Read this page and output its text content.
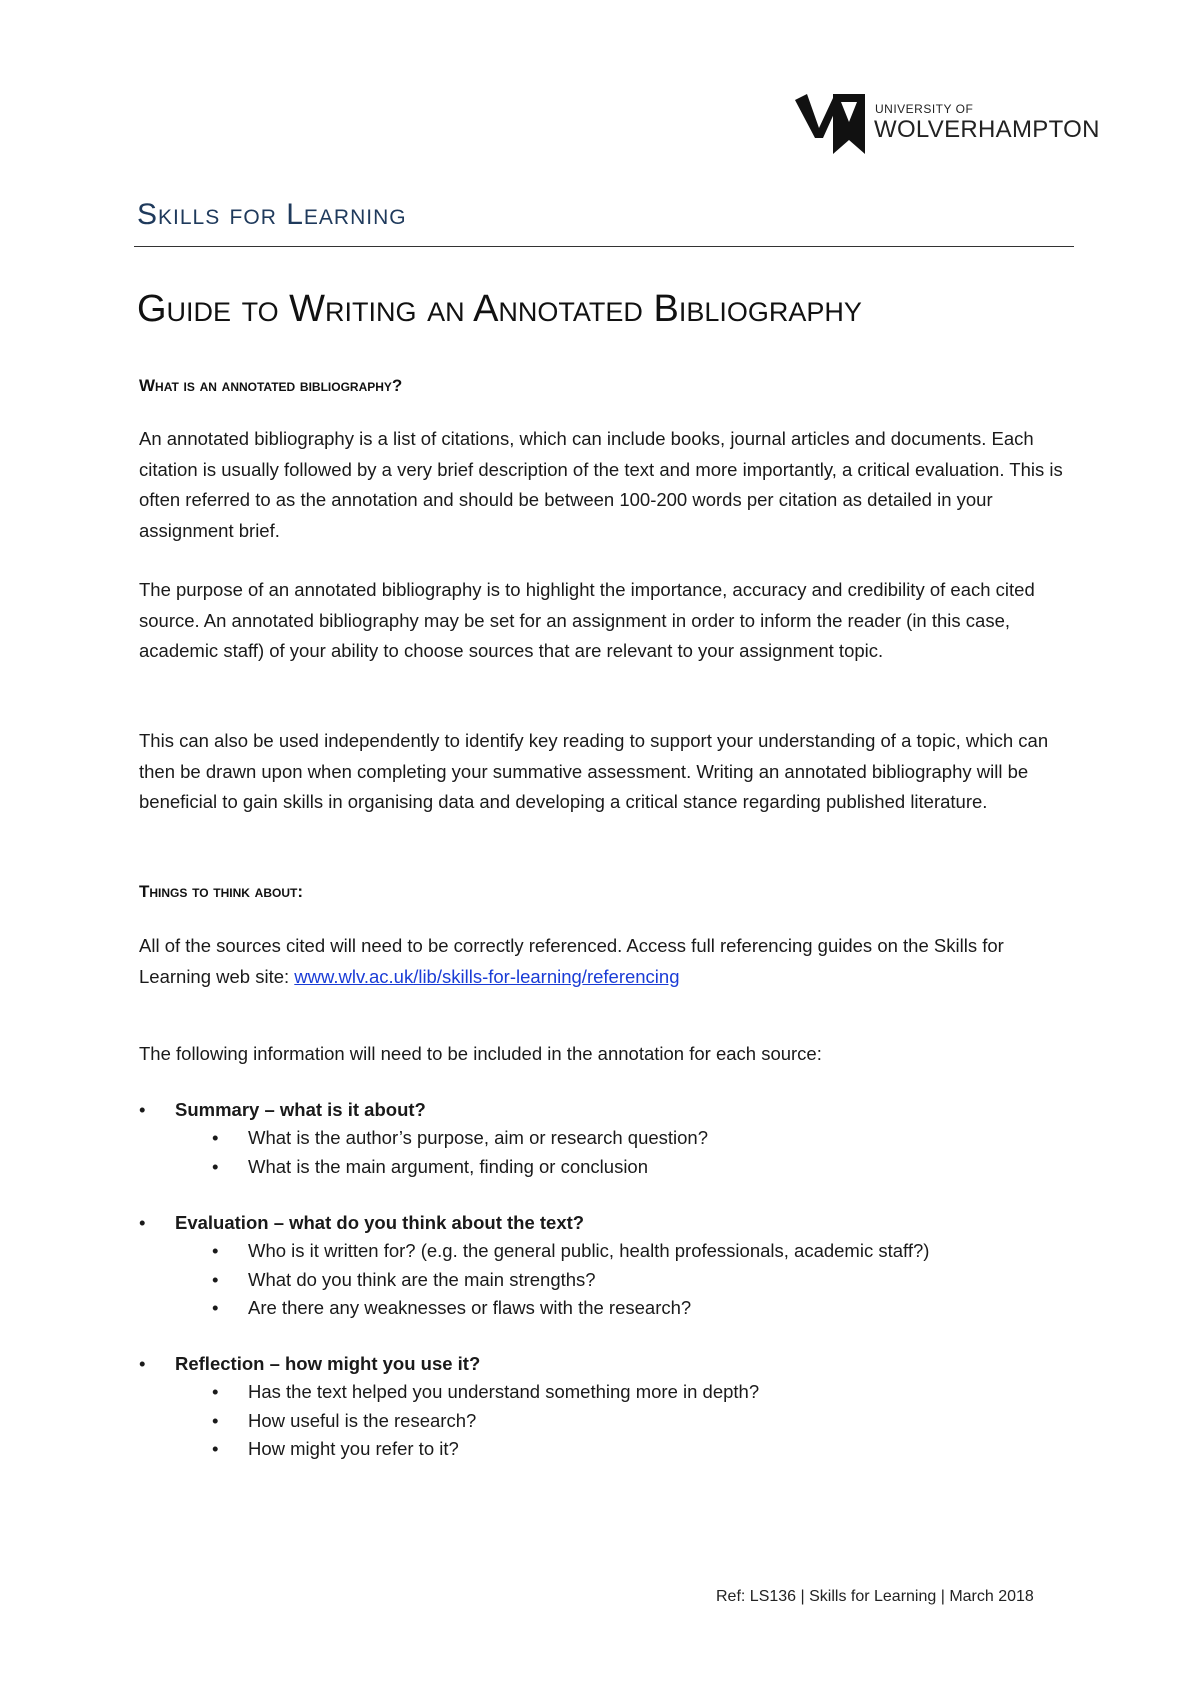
UNIVERSITY OF
WOLVERHAMPTON
Skills for Learning
Guide to Writing an Annotated Bibliography
What is an annotated bibliography?

An annotated bibliography is a list of citations, which can include books, journal articles and documents. Each citation is usually followed by a very brief description of the text and more importantly, a critical evaluation. This is often referred to as the annotation and should be between 100-200 words per citation as detailed in your assignment brief.

The purpose of an annotated bibliography is to highlight the importance, accuracy and credibility of each cited source. An annotated bibliography may be set for an assignment in order to inform the reader (in this case, academic staff) of your ability to choose sources that are relevant to your assignment topic.

This can also be used independently to identify key reading to support your understanding of a topic, which can then be drawn upon when completing your summative assessment. Writing an annotated bibliography will be beneficial to gain skills in organising data and developing a critical stance regarding published literature.

Things to think about:

All of the sources cited will need to be correctly referenced. Access full referencing guides on the Skills for Learning web site: www.wlv.ac.uk/lib/skills-for-learning/referencing

The following information will need to be included in the annotation for each source:

• Summary – what is it about?
• What is the author’s purpose, aim or research question?
• What is the main argument, finding or conclusion
• Evaluation – what do you think about the text?
• Who is it written for? (e.g. the general public, health professionals, academic staff?)
• What do you think are the main strengths?
• Are there any weaknesses or flaws with the research?
• Reflection – how might you use it?
• Has the text helped you understand something more in depth?
• How useful is the research?
• How might you refer to it?
Ref: LS136 | Skills for Learning | March 2018
